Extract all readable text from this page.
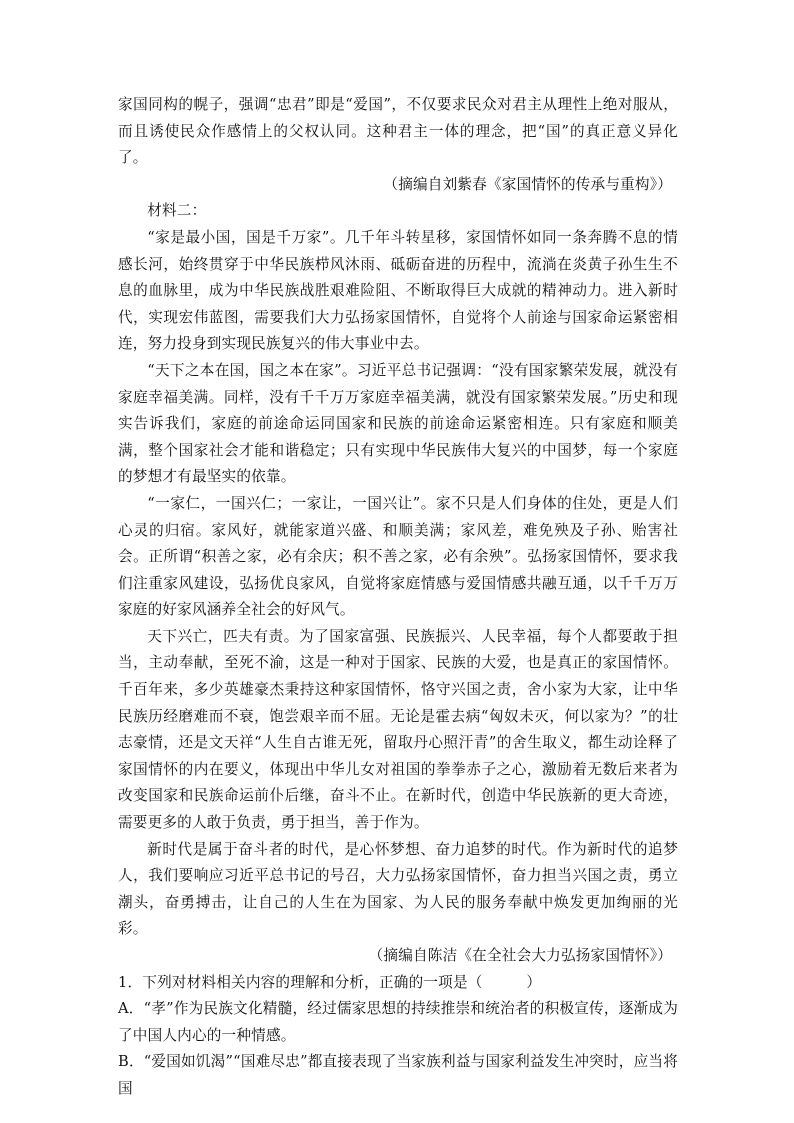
家国同构的幌子，强调“忠君”即是“爱国”，不仅要求民众对君主从理性上绝对服从，而且诱使民众作感情上的父权认同。这种君主一体的理念，把“国”的真正意义异化了。

（摘编自刘紫春《家国情怀的传承与重构》）

材料二：

“家是最小国，国是千万家”。几千年斗转星移，家国情怀如同一条奔腾不息的情感长河，始终贯穿于中华民族栉风沐雨、砥砺奋进的历程中，流淌在炎黄子孙生生不息的血脉里，成为中华民族战胜艰难险阻、不断取得巨大成就的精神动力。进入新时代，实现宏伟蓝图，需要我们大力弘扬家国情怀，自觉将个人前途与国家命运紧密相连，努力投身到实现民族复兴的伟大事业中去。

“天下之本在国，国之本在家”。习近平总书记强调：“没有国家繁荣发展，就没有家庭幸福美满。同样，没有千千万万家庭幸福美满，就没有国家繁荣发展。”历史和现实告诉我们，家庭的前途命运同国家和民族的前途命运紧密相连。只有家庭和顺美满，整个国家社会才能和谐稳定；只有实现中华民族伟大复兴的中国梦，每一个家庭的梦想才有最坚实的依靠。

“一家仁，一国兴仁；一家让，一国兴让”。家不只是人们身体的住处，更是人们心灵的归宿。家风好，就能家道兴盛、和顺美满；家风差，难免殃及子孙、贻害社会。正所谓“积善之家，必有余庆；积不善之家，必有余殃”。弘扬家国情怀，要求我们注重家风建设，弘扬优良家风，自觉将家庭情感与爱国情感共融互通，以千千万万家庭的好家风涵养全社会的好风气。

天下兴亡，匹夫有责。为了国家富强、民族振兴、人民幸福，每个人都要敢于担当，主动奉献，至死不渝，这是一种对于国家、民族的大爱，也是真正的家国情怀。千百年来，多少英雄豪杰秉持这种家国情怀，恪守兴国之责，舍小家为大家，让中华民族历经磨难而不衰，饱尝艰辛而不屈。无论是霍去病“匈奴未灭，何以家为？”的壮志豪情，还是文天祥“人生自古谁无死，留取丹心照汗青”的舍生取义，都生动诠释了家国情怀的内在要义，体现出中华儿女对祖国的拳拳赤子之心，激励着无数后来者为改变国家和民族命运前仆后继，奋斗不止。在新时代，创造中华民族新的更大奇迹，需要更多的人敢于负责，勇于担当，善于作为。

新时代是属于奋斗者的时代，是心怀梦想、奋力追梦的时代。作为新时代的追梦人，我们要响应习近平总书记的号召，大力弘扬家国情怀，奋力担当兴国之责，勇立潮头，奋勇搏击，让自己的人生在为国家、为人民的服务奉献中焕发更加绚丽的光彩。

（摘编自陈洁《在全社会大力弘扬家国情怀》）

1．下列对材料相关内容的理解和分析，正确的一项是（	）

A．“孝”作为民族文化精髓，经过儒家思想的持续推崇和统治者的积极宣传，逐渐成为了中国人内心的一种情感。

B．“爱国如饥渴”“国难尽忠”都直接表现了当家族利益与国家利益发生冲突时，应当将国
